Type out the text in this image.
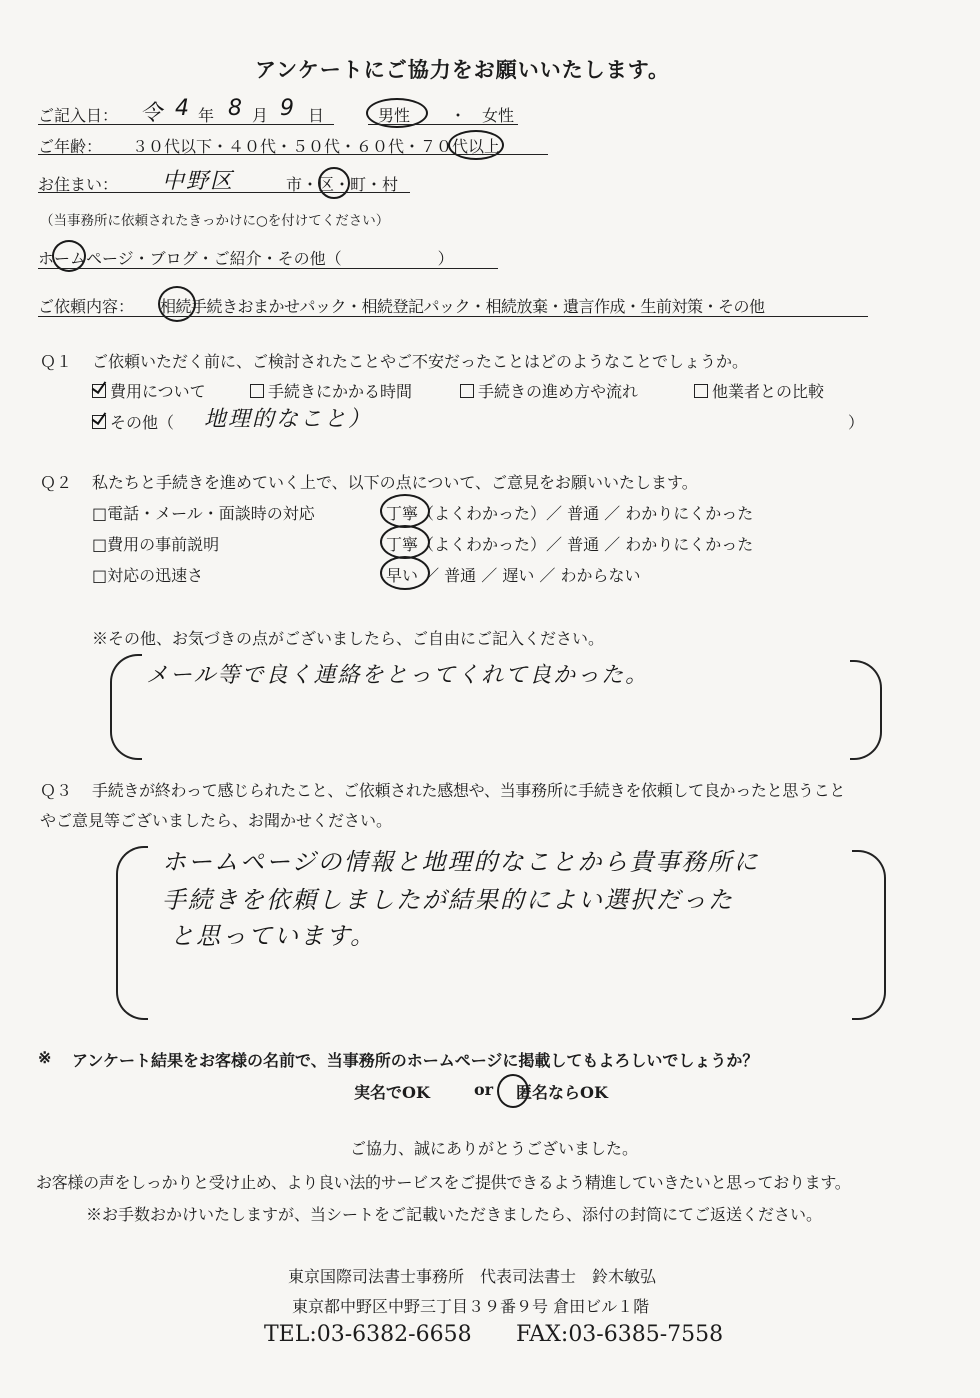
アンケートにご協力をお願いいたします。
ご記入日： 令 4 年 8 月 9 日	男性 ・ 女性
ご年齢： ３０代以下・４０代・５０代・６０代・７０代以上
お住まい： 中野区	市・区・町・村
（当事務所に依頼されたきっかけに○を付けてください）
ホームページ・ブログ・ご紹介・その他（　　　　　　）
ご依頼内容： 相続手続きおまかせパック・相続登記パック・相続放棄・遺言作成・生前対策・その他
Ｑ１ ご依頼いただく前に、ご検討されたことやご不安だったことはどのようなことでしょうか。
費用について	手続きにかかる時間	手続きの進め方や流れ	他業者との比較
その他（ 地理的なこと）	）
Ｑ２ 私たちと手続きを進めていく上で、以下の点について、ご意見をお願いいたします。
□電話・メール・面談時の対応	丁寧（よくわかった）／ 普通 ／ わかりにくかった
□費用の事前説明	丁寧（よくわかった）／ 普通 ／ わかりにくかった
□対応の迅速さ	早い ／ 普通 ／ 遅い ／ わからない
※その他、お気づきの点がございましたら、ご自由にご記入ください。
メール等で良く連絡をとってくれて良かった。
Ｑ３ 手続きが終わって感じられたこと、ご依頼された感想や、当事務所に手続きを依頼して良かったと思うこと
やご意見等ございましたら、お聞かせください。
ホームページの情報と地理的なことから貴事務所に
手続きを依頼しましたが結果的によい選択だった
と思っています。
※ アンケート結果をお客様の名前で、当事務所のホームページに掲載してもよろしいでしょうか？
実名でOK	or 匿名ならOK
ご協力、誠にありがとうございました。
お客様の声をしっかりと受け止め、より良い法的サービスをご提供できるよう精進していきたいと思っております。
※お手数おかけいたしますが、当シートをご記載いただきましたら、添付の封筒にてご返送ください。
東京国際司法書士事務所　代表司法書士　鈴木敏弘
東京都中野区中野三丁目３９番９号 倉田ビル１階
TEL:03-6382-6658 FAX:03-6385-7558
